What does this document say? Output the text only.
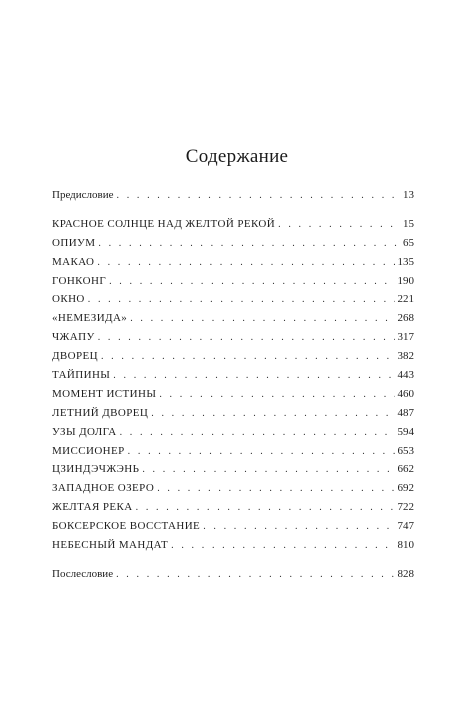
Содержание
Предисловие . . .	13
КРАСНОЕ СОЛНЦЕ НАД ЖЕЛТОЙ РЕКОЙ . . .	15
ОПИУМ . . .	65
МАКАО . . .	135
ГОНКОНГ . . .	190
ОКНО . . .	221
«НЕМЕЗИДА» . . .	268
ЧЖАПУ . . .	317
ДВОРЕЦ . . .	382
ТАЙПИНЫ . . .	443
МОМЕНТ ИСТИНЫ . . .	460
ЛЕТНИЙ ДВОРЕЦ . . .	487
УЗЫ ДОЛГА . . .	594
МИССИОНЕР . . .	653
ЦЗИНДЭЧЖЭНЬ . . .	662
ЗАПАДНОЕ ОЗЕРО . . .	692
ЖЕЛТАЯ РЕКА . . .	722
БОКСЕРСКОЕ ВОССТАНИЕ . . .	747
НЕБЕСНЫЙ МАНДАТ . . .	810
Послесловие . . .	828
